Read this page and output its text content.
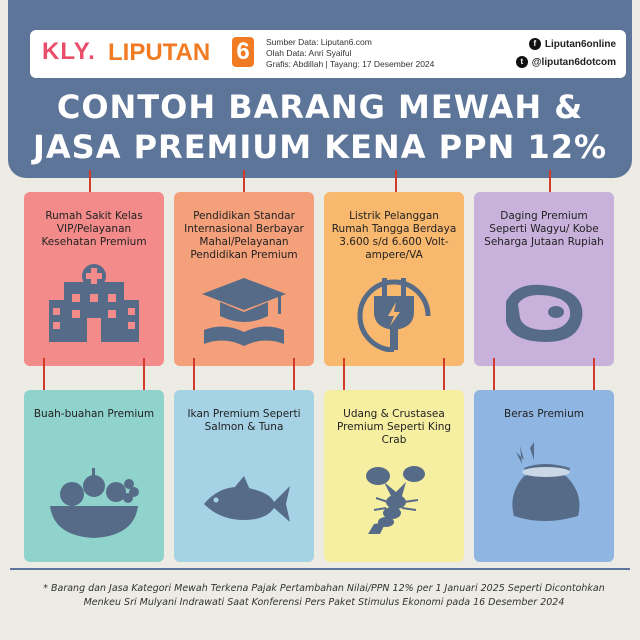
KLY. LIPUTAN 6	Sumber Data: Liputan6.com
Olah Data: Anri Syaiful
Grafis: Abdillah | Tayang: 17 Desember 2024
f Liputan6online
t @liputan6dotcom
CONTOH BARANG MEWAH &
JASA PREMIUM KENA PPN 12%
Rumah Sakit Kelas VIP/Pelayanan Kesehatan Premium
Pendidikan Standar Internasional Berbayar Mahal/Pelayanan Pendidikan Premium
Listrik Pelanggan Rumah Tangga Berdaya 3.600 s/d 6.600 Volt-ampere/VA
Daging Premium Seperti Wagyu/ Kobe Seharga Jutaan Rupiah
Buah-buahan Premium	Ikan Premium Seperti Salmon & Tuna
Udang & Crustasea Premium Seperti King Crab
Beras Premium
* Barang dan Jasa Kategori Mewah Terkena Pajak Pertambahan Nilai/PPN 12% per 1 Januari 2025 Seperti Dicontohkan
Menkeu Sri Mulyani Indrawati Saat Konferensi Pers Paket Stimulus Ekonomi pada 16 Desember 2024
